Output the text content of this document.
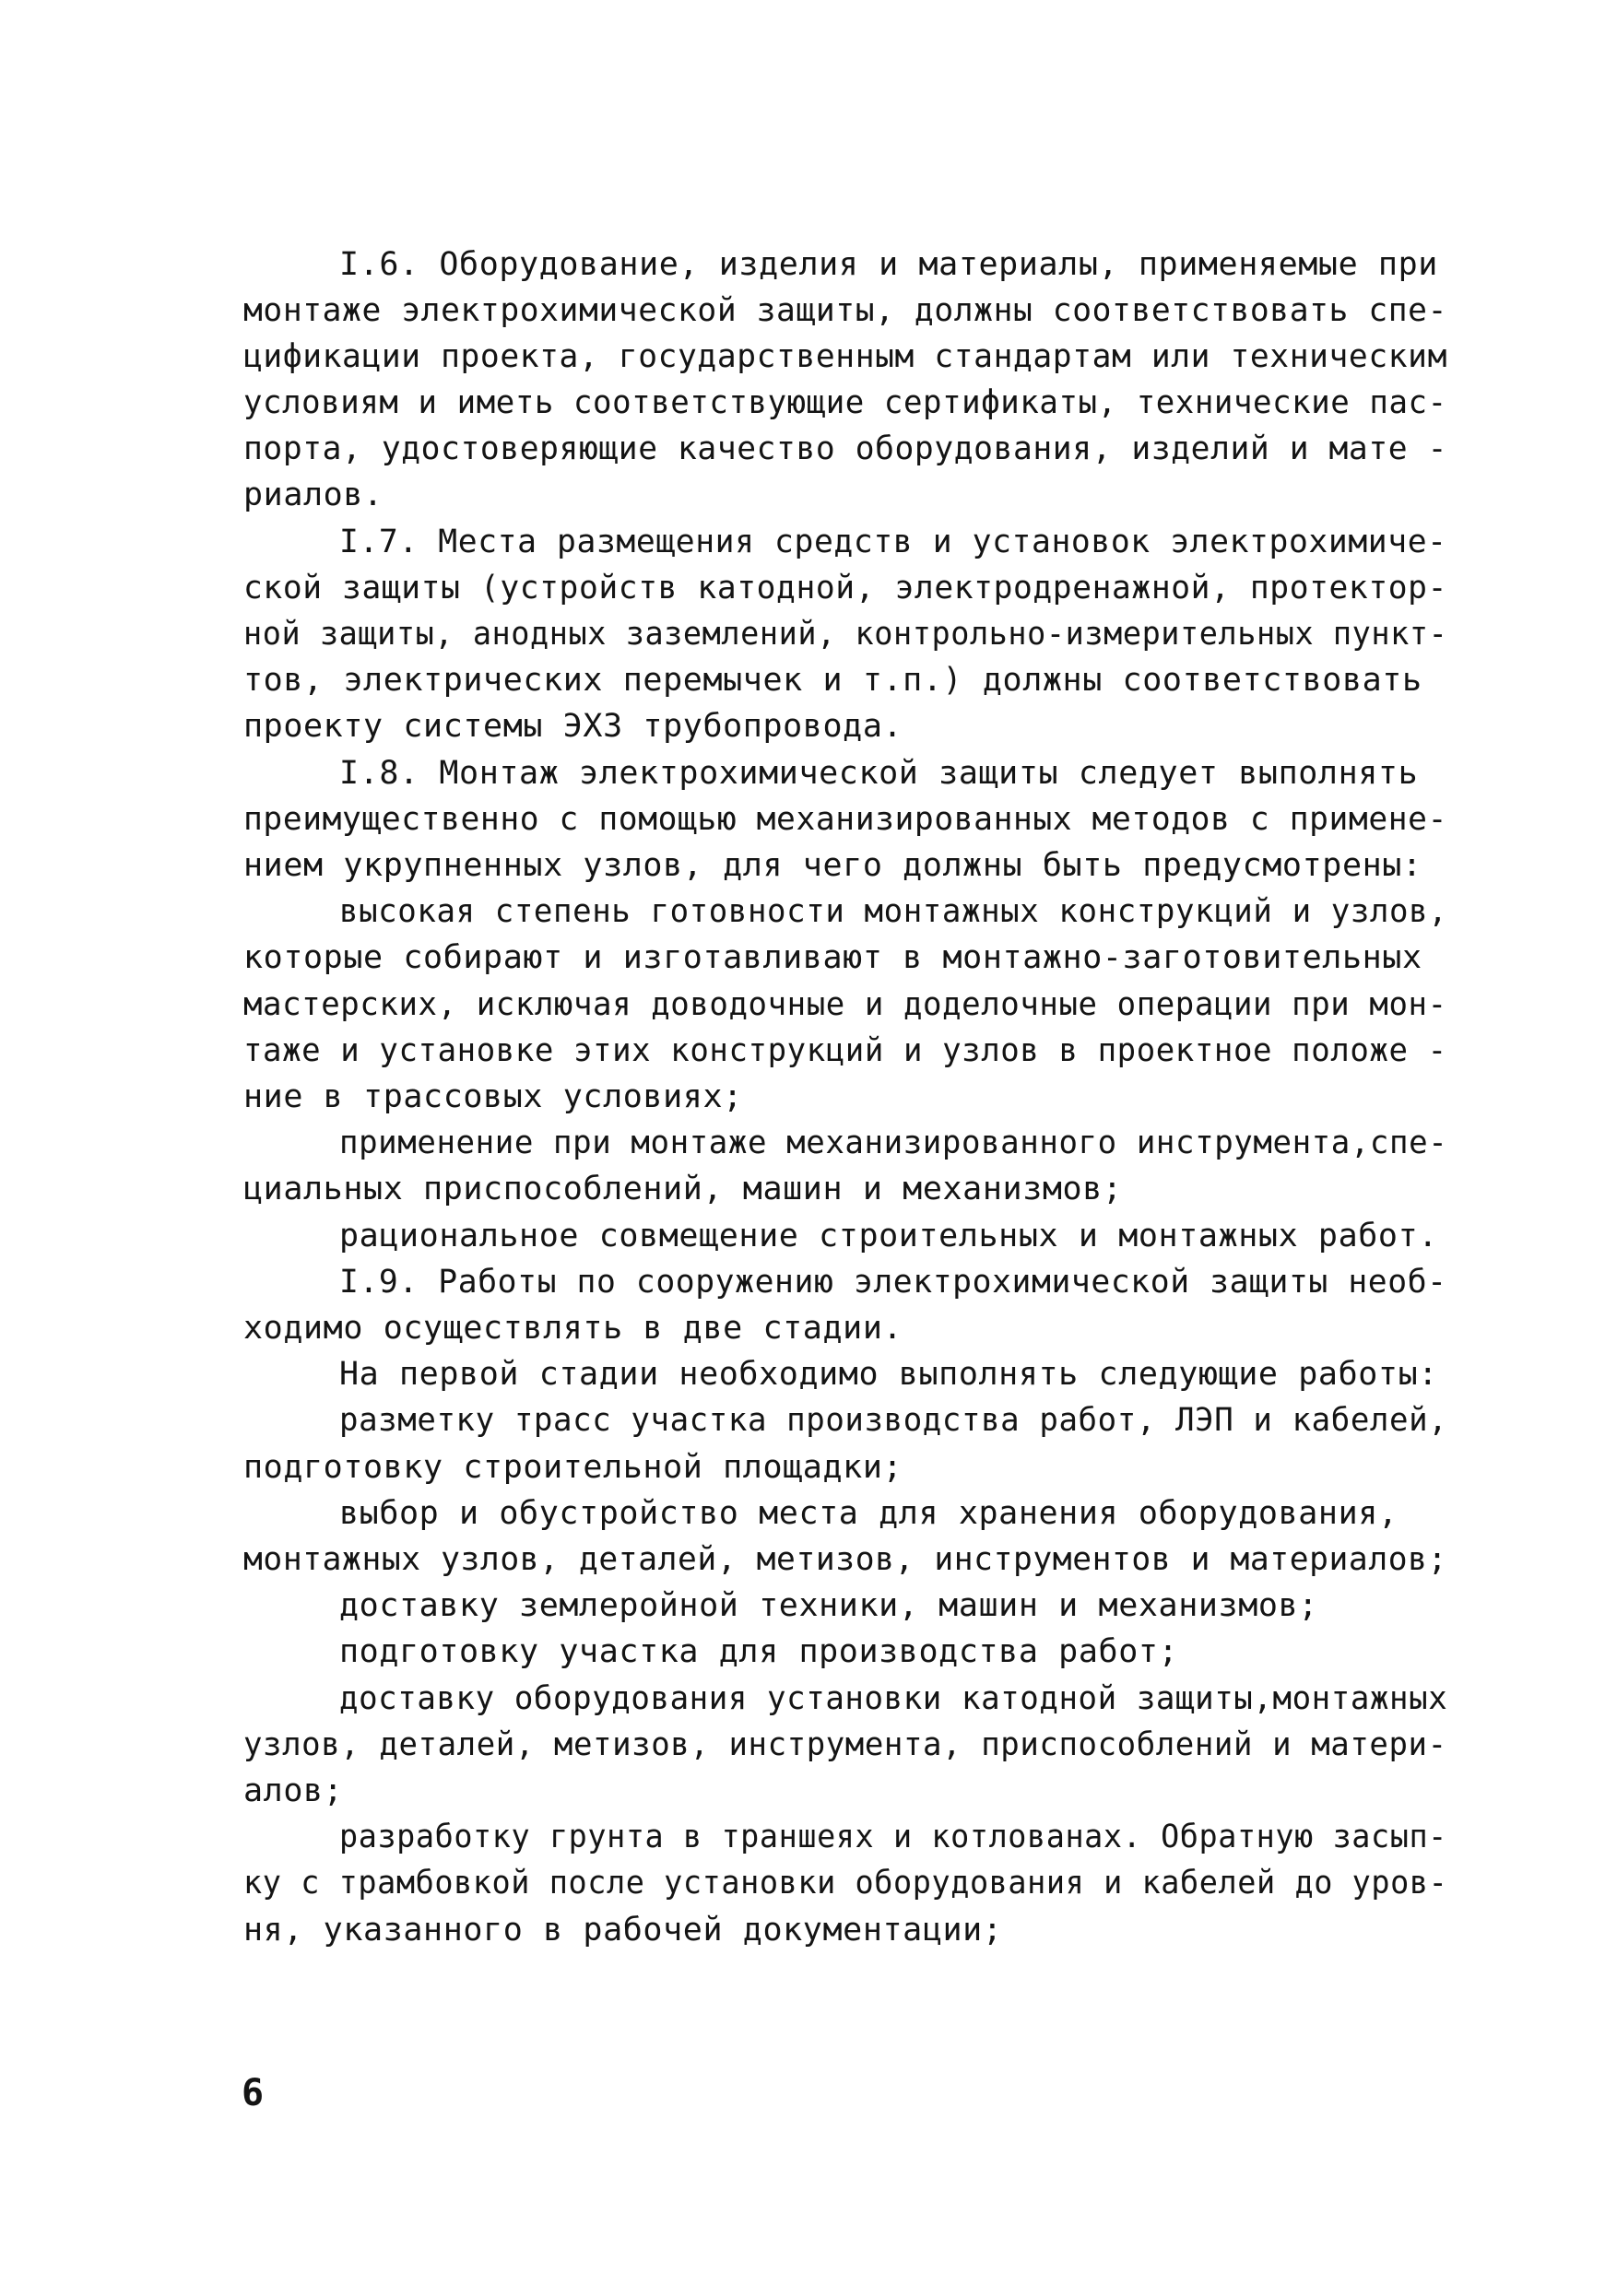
I.6. Оборудование, изделия и материалы, применяемые при
монтаже электрохимической защиты, должны соответствовать спе-
цификации проекта, государственным стандартам или техническим
условиям и иметь соответствующие сертификаты, технические пас-
порта, удостоверяющие качество оборудования, изделий и мате -
риалов.
I.7. Места размещения средств и установок электрохимиче-
ской защиты (устройств катодной, электродренажной, протектор-
ной защиты, анодных заземлений, контрольно-измерительных пункт-
тов, электрических перемычек и т.п.) должны соответствовать
проекту системы ЭХЗ трубопровода.
I.8. Монтаж электрохимической защиты следует выполнять
преимущественно с помощью механизированных методов с примене-
нием укрупненных узлов, для чего должны быть предусмотрены:
высокая степень готовности монтажных конструкций и узлов,
которые собирают и изготавливают в монтажно-заготовительных
мастерских, исключая доводочные и доделочные операции при мон-
таже и установке этих конструкций и узлов в проектное положе -
ние в трассовых условиях;
применение при монтаже механизированного инструмента,спе-
циальных приспособлений, машин и механизмов;
рациональное совмещение строительных и монтажных работ.
I.9. Работы по сооружению электрохимической защиты необ-
ходимо осуществлять в две стадии.
На первой стадии необходимо выполнять следующие работы:
разметку трасс участка производства работ, ЛЭП и кабелей,
подготовку строительной площадки;
выбор и обустройство места для хранения оборудования,
монтажных узлов, деталей, метизов, инструментов и материалов;
доставку землеройной техники, машин и механизмов;
подготовку участка для производства работ;
доставку оборудования установки катодной защиты,монтажных
узлов, деталей, метизов, инструмента, приспособлений и матери-
алов;
разработку грунта в траншеях и котлованах. Обратную засып-
ку с трамбовкой после установки оборудования и кабелей до уров-
ня, указанного в рабочей документации;
6
